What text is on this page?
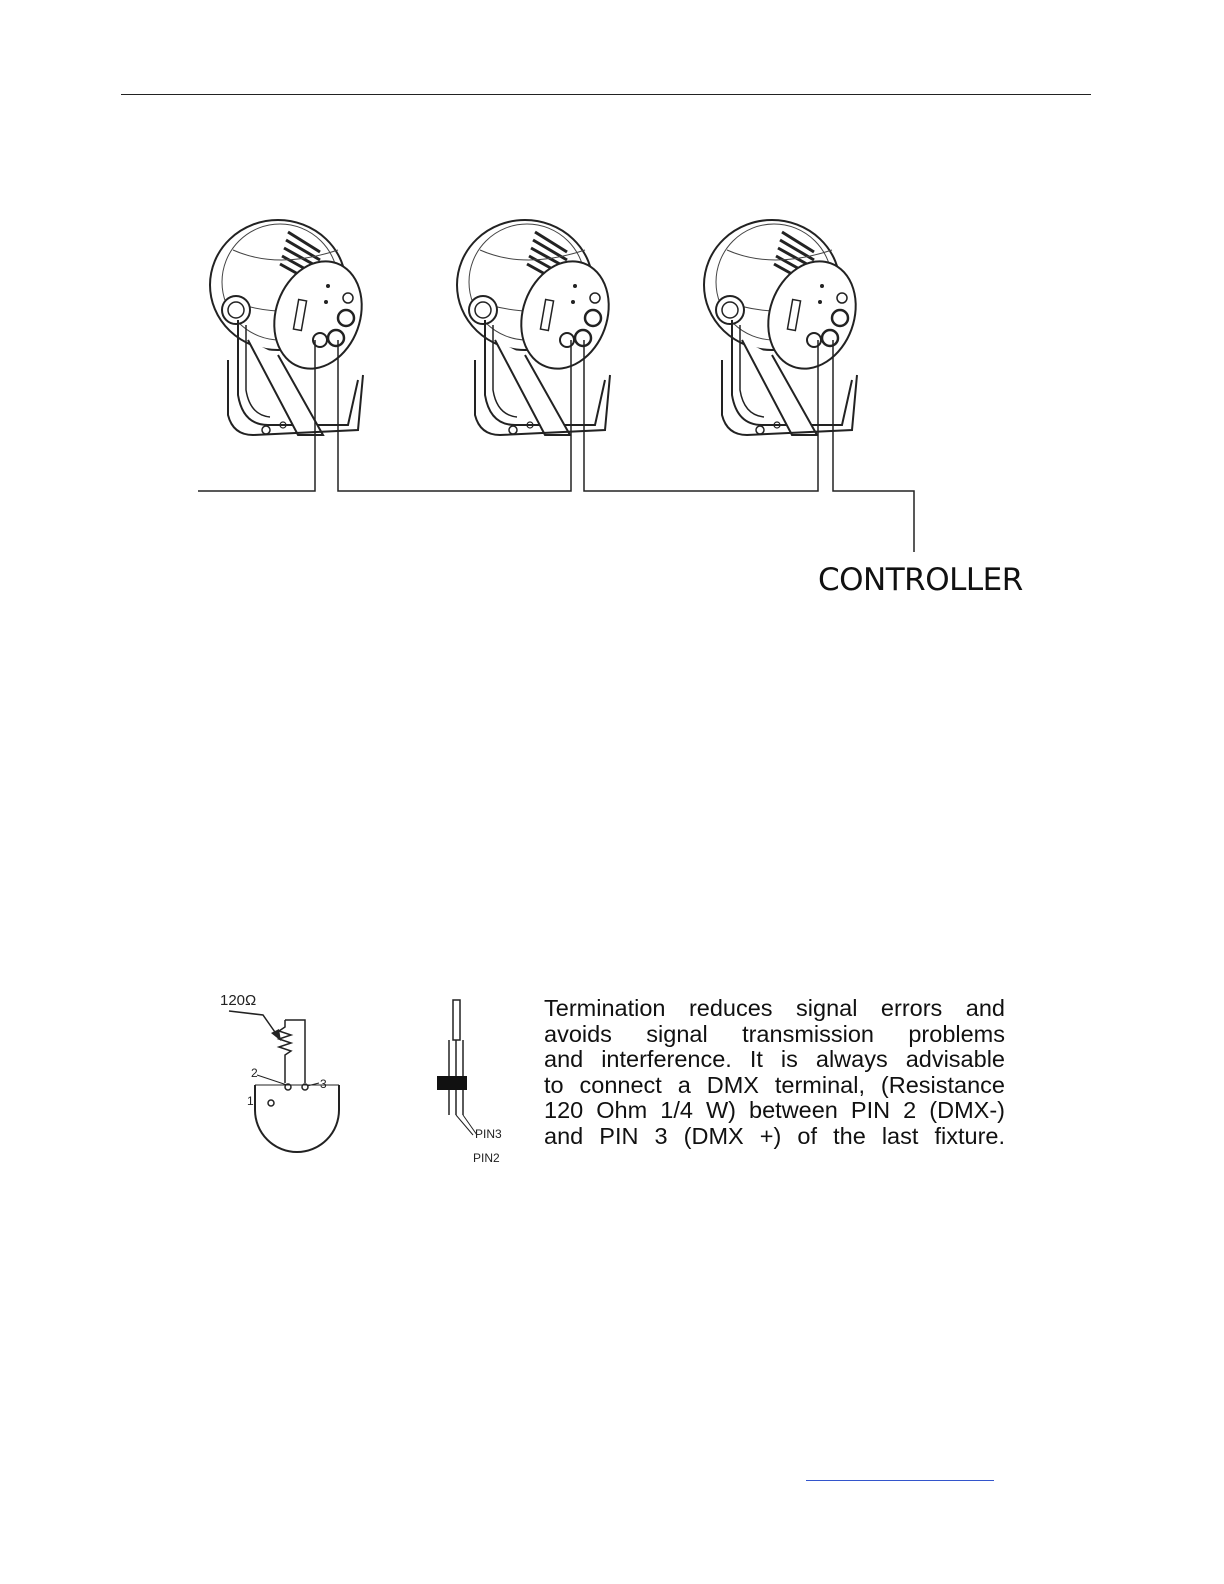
CONTROLLER
120Ω
1
2
3
PIN3
PIN2
Termination reduces signal errors and
avoids signal transmission problems
and interference. It is always advisable
to connect a DMX terminal, (Resistance
120 Ohm 1/4 W) between PIN 2 (DMX-)
and PIN 3 (DMX +) of the last fixture.
